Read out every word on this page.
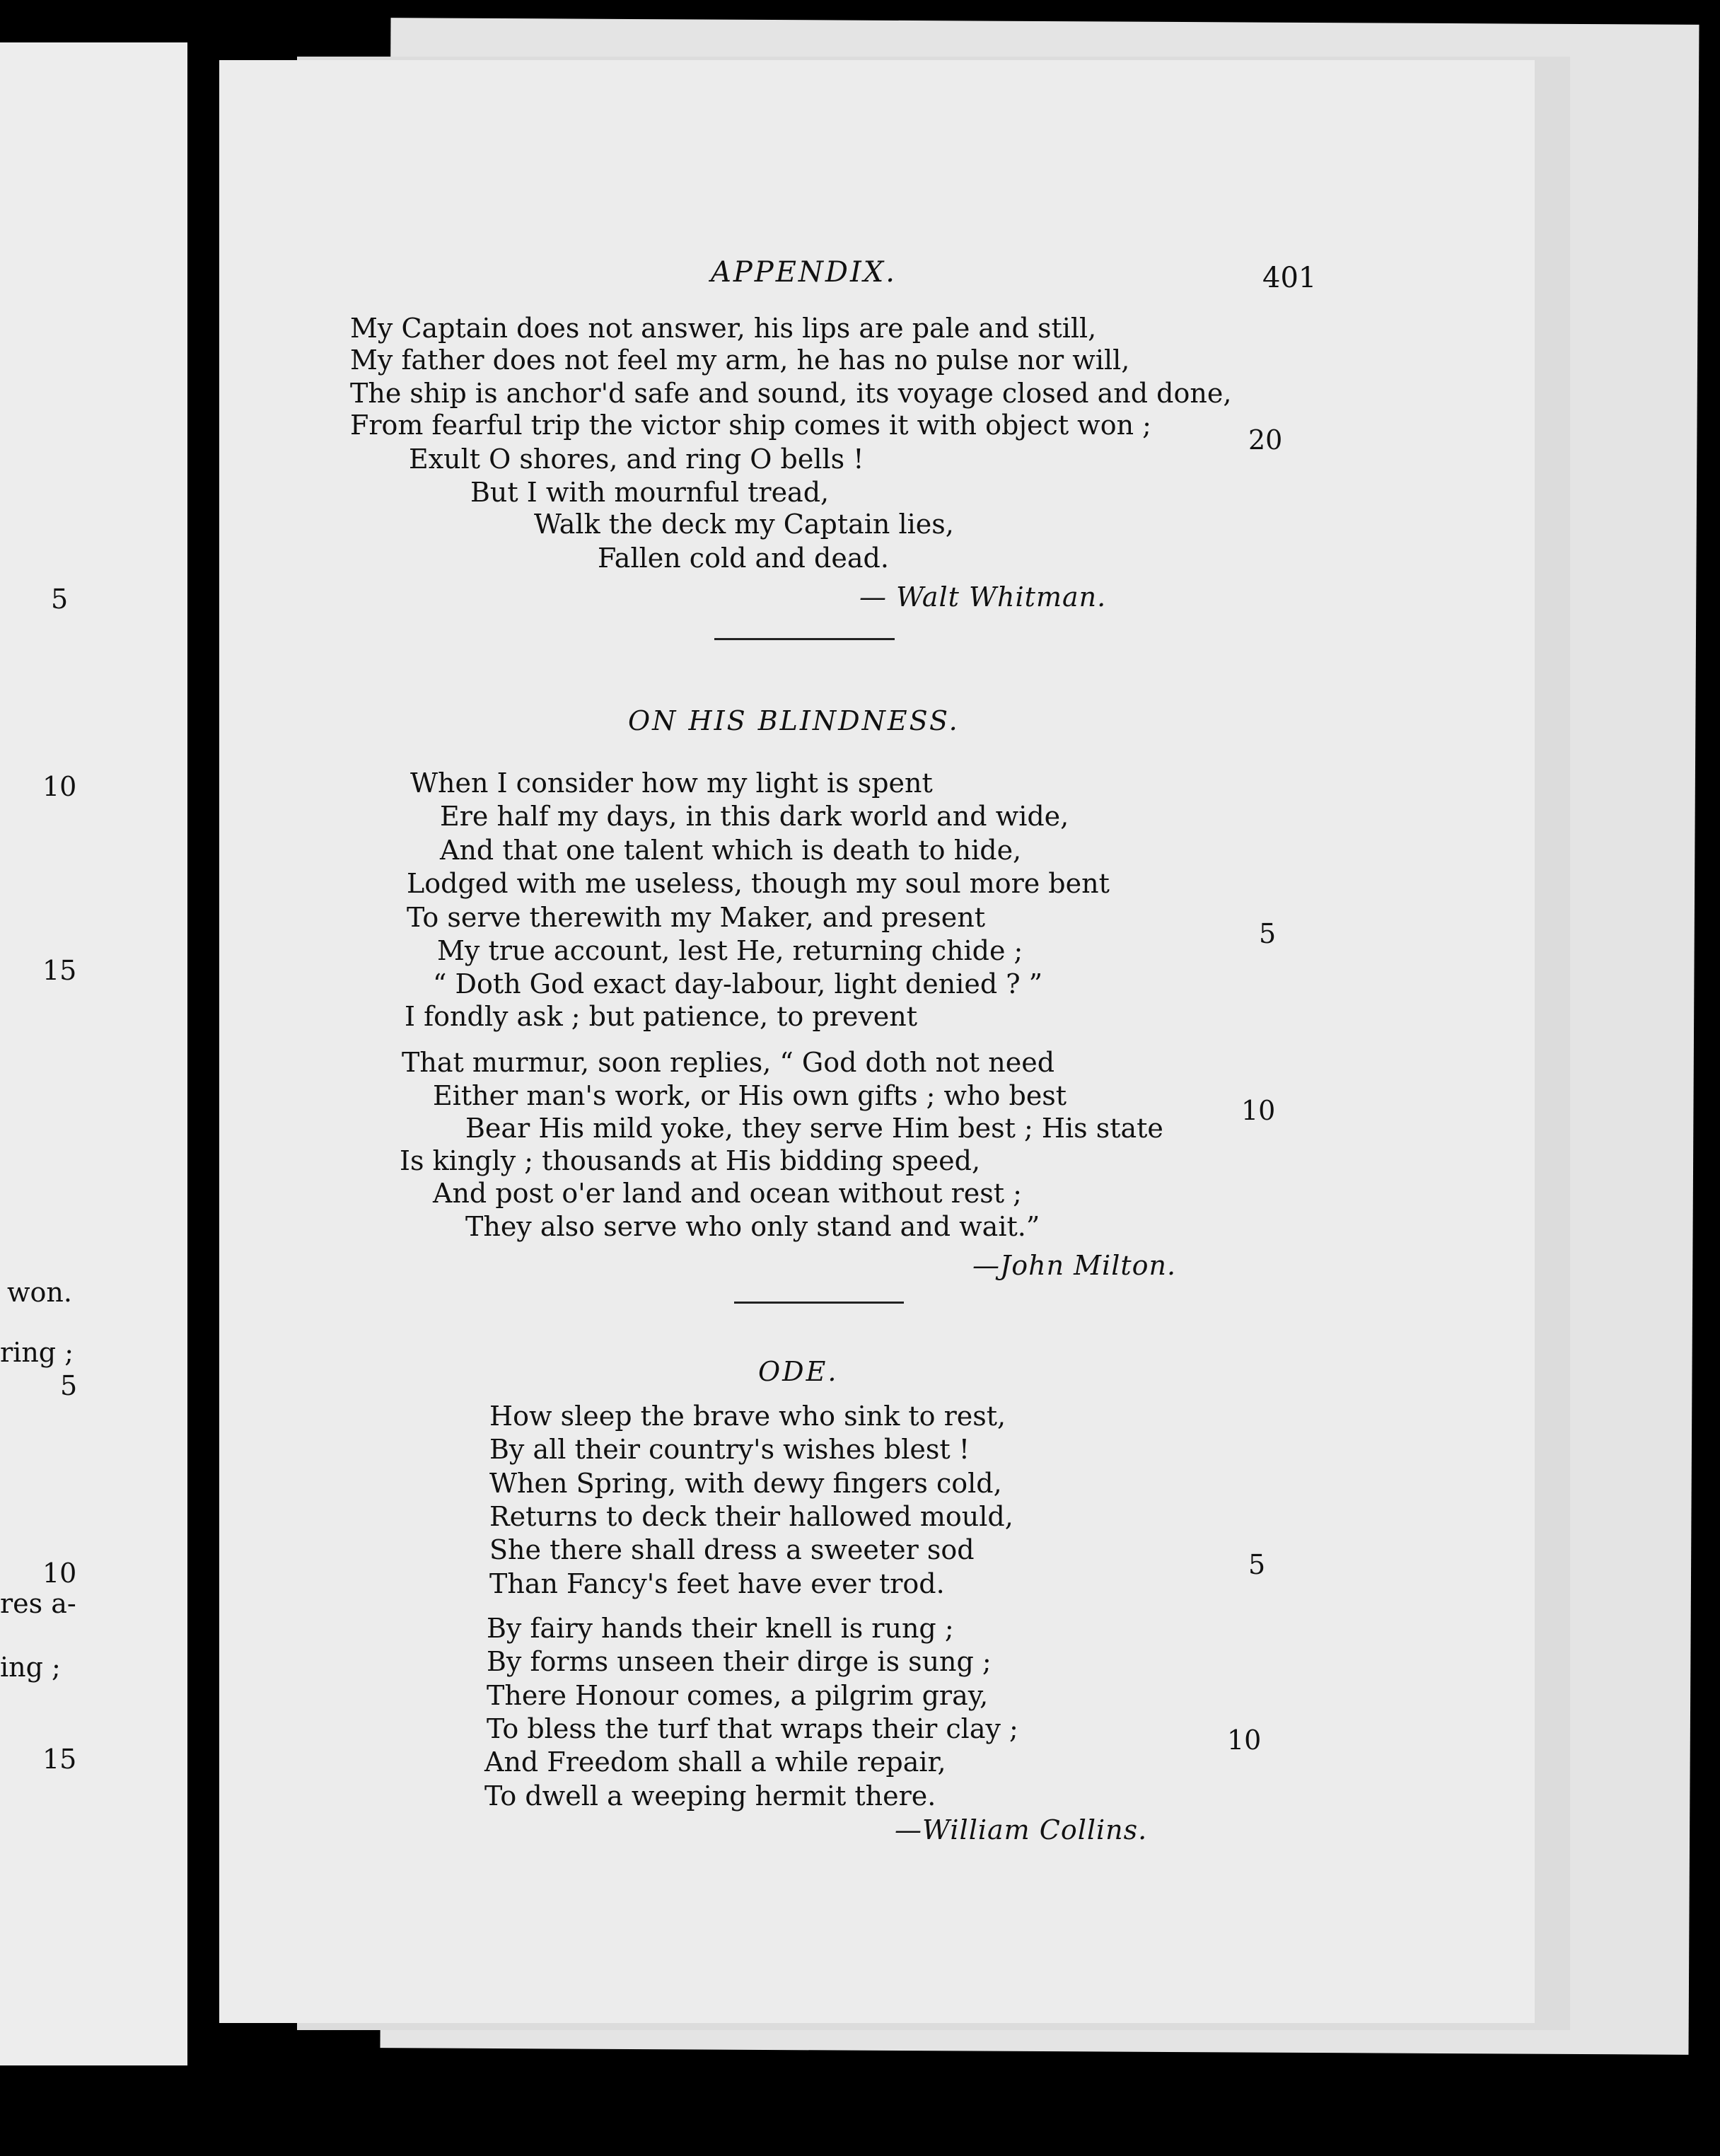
5
10
15
won.
ring ;
5
10
res a-
ing ;
15
APPENDIX.	401
My Captain does not answer, his lips are pale and still,
My father does not feel my arm, he has no pulse nor will,
The ship is anchor'd safe and sound, its voyage closed and done,
From fearful trip the victor ship comes it with object won ;	20
Exult O shores, and ring O bells !
But I with mournful tread,
Walk the deck my Captain lies,
Fallen cold and dead.
— Walt Whitman.
ON HIS BLINDNESS.
When I consider how my light is spent
Ere half my days, in this dark world and wide,
And that one talent which is death to hide,
Lodged with me useless, though my soul more bent
To serve therewith my Maker, and present
5
My true account, lest He, returning chide ;
“ Doth God exact day-labour, light denied ? ”
I fondly ask ; but patience, to prevent
That murmur, soon replies, “ God doth not need
Either man's work, or His own gifts ; who best	10
Bear His mild yoke, they serve Him best ; His state
Is kingly ; thousands at His bidding speed,
And post o'er land and ocean without rest ;
They also serve who only stand and wait.”
—John Milton.
ODE.
How sleep the brave who sink to rest,
By all their country's wishes blest !
When Spring, with dewy fingers cold,
Returns to deck their hallowed mould,
She there shall dress a sweeter sod	5
Than Fancy's feet have ever trod.
By fairy hands their knell is rung ;
By forms unseen their dirge is sung ;
There Honour comes, a pilgrim gray,
To bless the turf that wraps their clay ;	10
And Freedom shall a while repair,
To dwell a weeping hermit there.
—William Collins.
